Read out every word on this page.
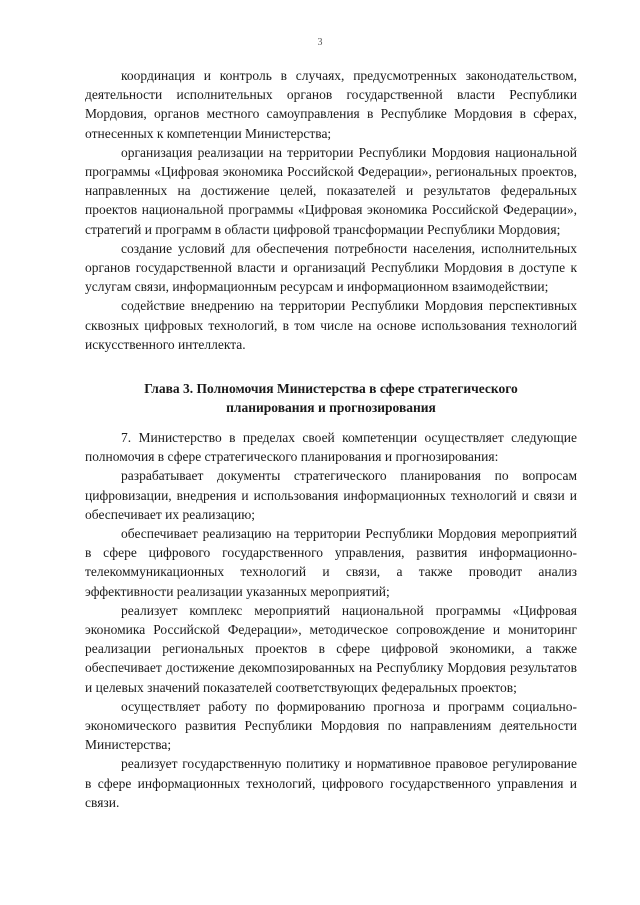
3

координация и контроль в случаях, предусмотренных законодательством, деятельности исполнительных органов государственной власти Республики Мордовия, органов местного самоуправления в Республике Мордовия в сферах, отнесенных к компетенции Министерства;

организация реализации на территории Республики Мордовия национальной программы «Цифровая экономика Российской Федерации», региональных проектов, направленных на достижение целей, показателей и результатов федеральных проектов национальной программы «Цифровая экономика Российской Федерации», стратегий и программ в области цифровой трансформации Республики Мордовия;

создание условий для обеспечения потребности населения, исполнительных органов государственной власти и организаций Республики Мордовия в доступе к услугам связи, информационным ресурсам и информационном взаимодействии;

содействие внедрению на территории Республики Мордовия перспективных сквозных цифровых технологий, в том числе на основе использования технологий искусственного интеллекта.

Глава 3. Полномочия Министерства в сфере стратегического
планирования и прогнозирования

7. Министерство в пределах своей компетенции осуществляет следующие полномочия в сфере стратегического планирования и прогнозирования:

разрабатывает документы стратегического планирования по вопросам цифровизации, внедрения и использования информационных технологий и связи и обеспечивает их реализацию;

обеспечивает реализацию на территории Республики Мордовия мероприятий в сфере цифрового государственного управления, развития информационно-телекоммуникационных технологий и связи, а также проводит анализ эффективности реализации указанных мероприятий;

реализует комплекс мероприятий национальной программы «Цифровая экономика Российской Федерации», методическое сопровождение и мониторинг реализации региональных проектов в сфере цифровой экономики, а также обеспечивает достижение декомпозированных на Республику Мордовия результатов и целевых значений показателей соответствующих федеральных проектов;

осуществляет работу по формированию прогноза и программ социально-экономического развития Республики Мордовия по направлениям деятельности Министерства;

реализует государственную политику и нормативное правовое регулирование в сфере информационных технологий, цифрового государственного управления и связи.
